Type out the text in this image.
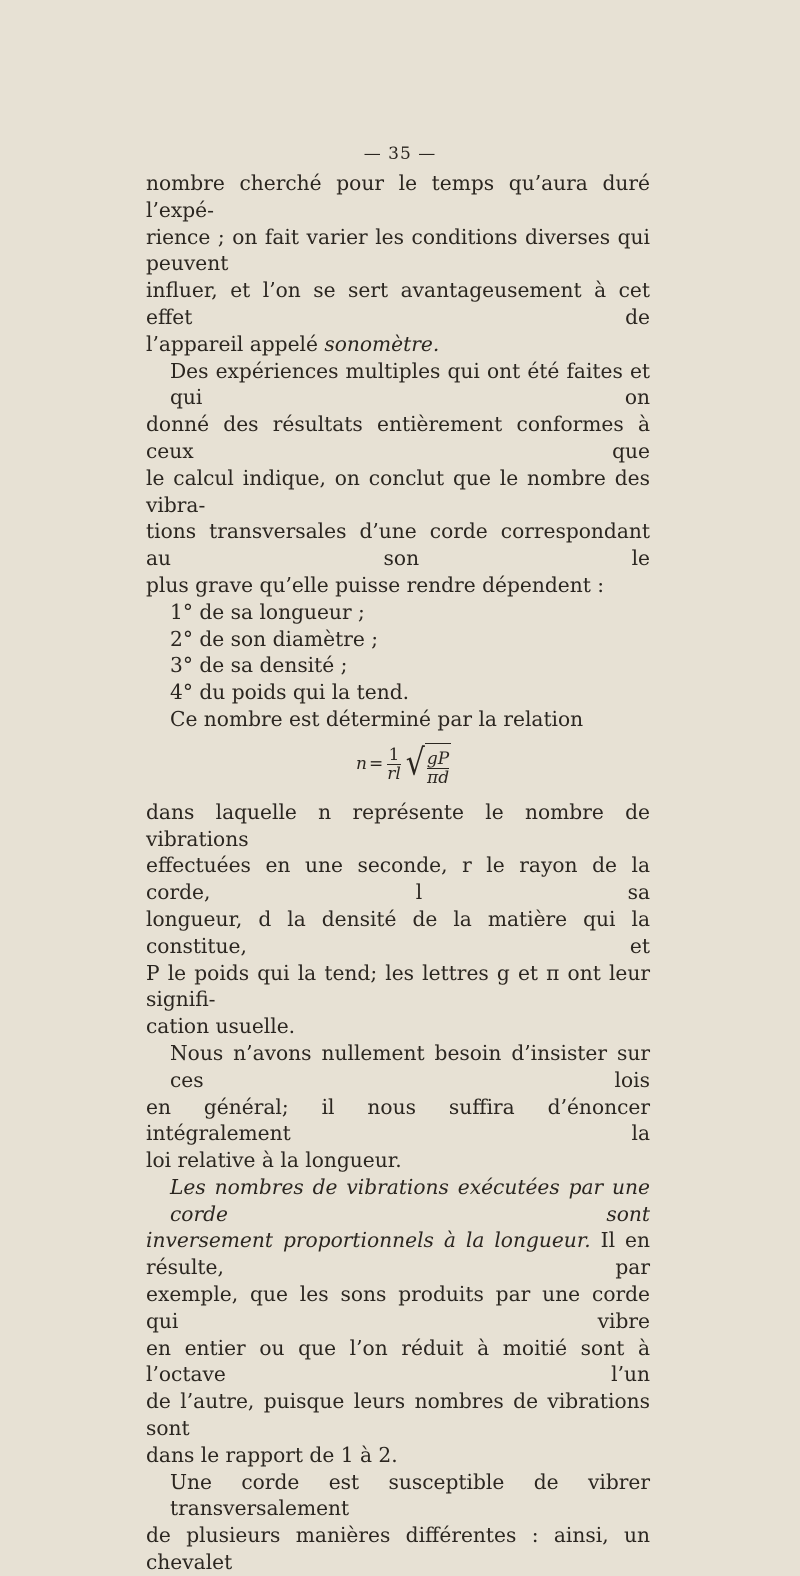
— 35 —

nombre cherché pour le temps qu’aura duré l’expé-
rience ; on fait varier les conditions diverses qui peuvent
influer, et l’on se sert avantageusement à cet effet de
l’appareil appelé sonomètre.

Des expériences multiples qui ont été faites et qui on
donné des résultats entièrement conformes à ceux que
le calcul indique, on conclut que le nombre des vibra-
tions transversales d’une corde correspondant au son le
plus grave qu’elle puisse rendre dépendent :

1° de sa longueur ;
2° de son diamètre ;
3° de sa densité ;
4° du poids qui la tend.
Ce nombre est déterminé par la relation

$n = \frac{1}{rl}$ √ $\frac{gP}{\pi d}$

dans laquelle n représente le nombre de vibrations
effectuées en une seconde, r le rayon de la corde, l sa
longueur, d la densité de la matière qui la constitue, et
P le poids qui la tend; les lettres g et π ont leur signifi-
cation usuelle.

Nous n’avons nullement besoin d’insister sur ces lois
en général; il nous suffira d’énoncer intégralement la
loi relative à la longueur.

Les nombres de vibrations exécutées par une corde sont
inversement proportionnels à la longueur. Il en résulte, par
exemple, que les sons produits par une corde qui vibre
en entier ou que l’on réduit à moitié sont à l’octave l’un
de l’autre, puisque leurs nombres de vibrations sont
dans le rapport de 1 à 2.

Une corde est susceptible de vibrer transversalement
de plusieurs manières différentes : ainsi, un chevalet
